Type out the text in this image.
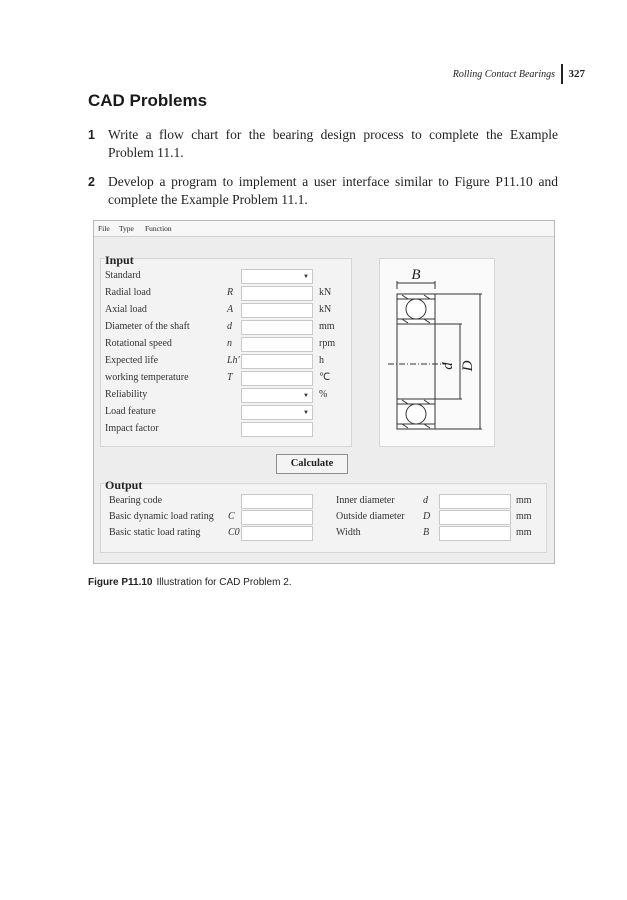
Rolling Contact Bearings 327
CAD Problems
1 Write a flow chart for the bearing design process to complete the Example Problem 11.1.
2 Develop a program to implement a user interface similar to Figure P11.10 and complete the Example Problem 11.1.
File Type Function
Input
B
d D
Calculate
Output
Standard	▼
Radial load	R	kN
Axial load	A	kN
Diameter of the shaft	d	mm
Rotational speed	n	rpm
Expected life	Lh'	h
working temperature	T	℃
Reliability	▼ %
Load feature	▼
Impact factor
Bearing code
Basic dynamic load rating C
Basic static load rating	C0
Inner diameter	d	mm
Outside diameter D	mm
Width	B	mm
Figure P11.10 Illustration for CAD Problem 2.
